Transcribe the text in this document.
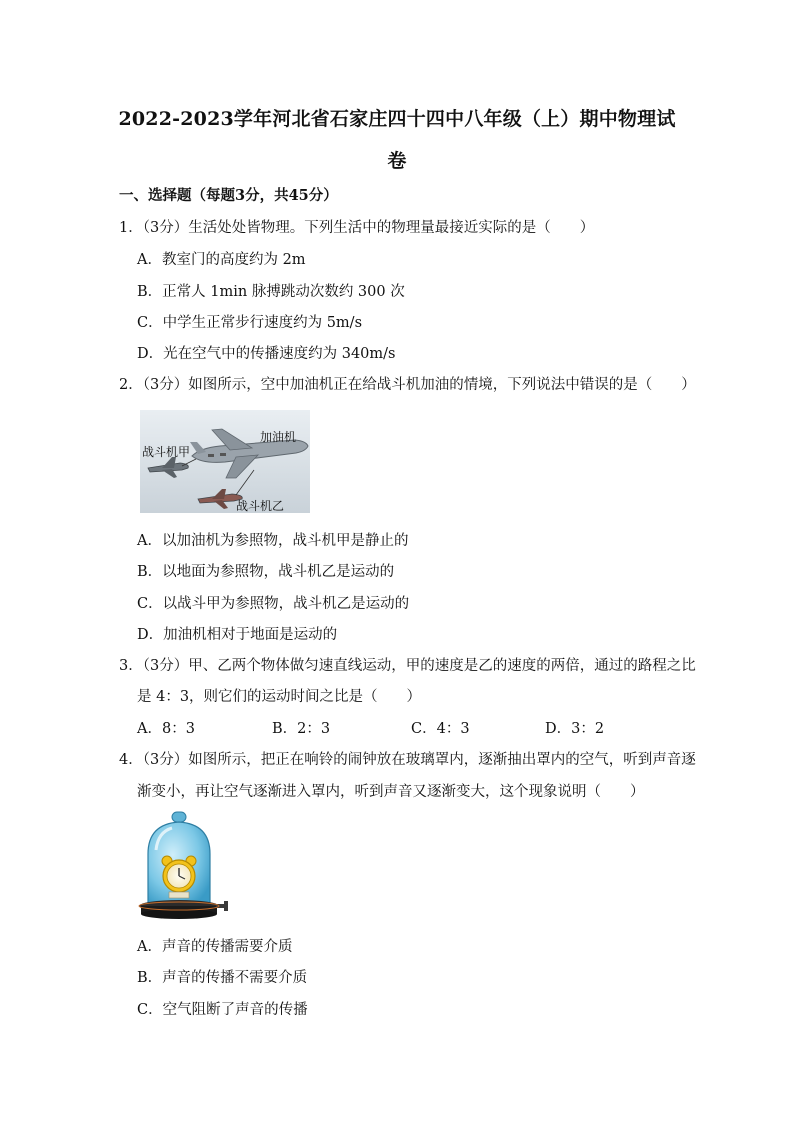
2022-2023学年河北省石家庄四十四中八年级（上）期中物理试
卷
一、选择题（每题3分，共45分）
1．（3分）生活处处皆物理。下列生活中的物理量最接近实际的是（　　）
A．教室门的高度约为 2m
B．正常人 1min 脉搏跳动次数约 300 次
C．中学生正常步行速度约为 5m/s
D．光在空气中的传播速度约为 340m/s
2．（3分）如图所示，空中加油机正在给战斗机加油的情境，下列说法中错误的是（　　）
加油机
战斗机甲
战斗机乙
A．以加油机为参照物，战斗机甲是静止的
B．以地面为参照物，战斗机乙是运动的
C．以战斗甲为参照物，战斗机乙是运动的
D．加油机相对于地面是运动的
3．（3分）甲、乙两个物体做匀速直线运动，甲的速度是乙的速度的两倍，通过的路程之比
是 4：3，则它们的运动时间之比是（　　）
A．8：3	B．2：3	C．4：3	D．3：2
4．（3分）如图所示，把正在响铃的闹钟放在玻璃罩内，逐渐抽出罩内的空气，听到声音逐
渐变小，再让空气逐渐进入罩内，听到声音又逐渐变大，这个现象说明（　　）
A．声音的传播需要介质
B．声音的传播不需要介质
C．空气阻断了声音的传播
